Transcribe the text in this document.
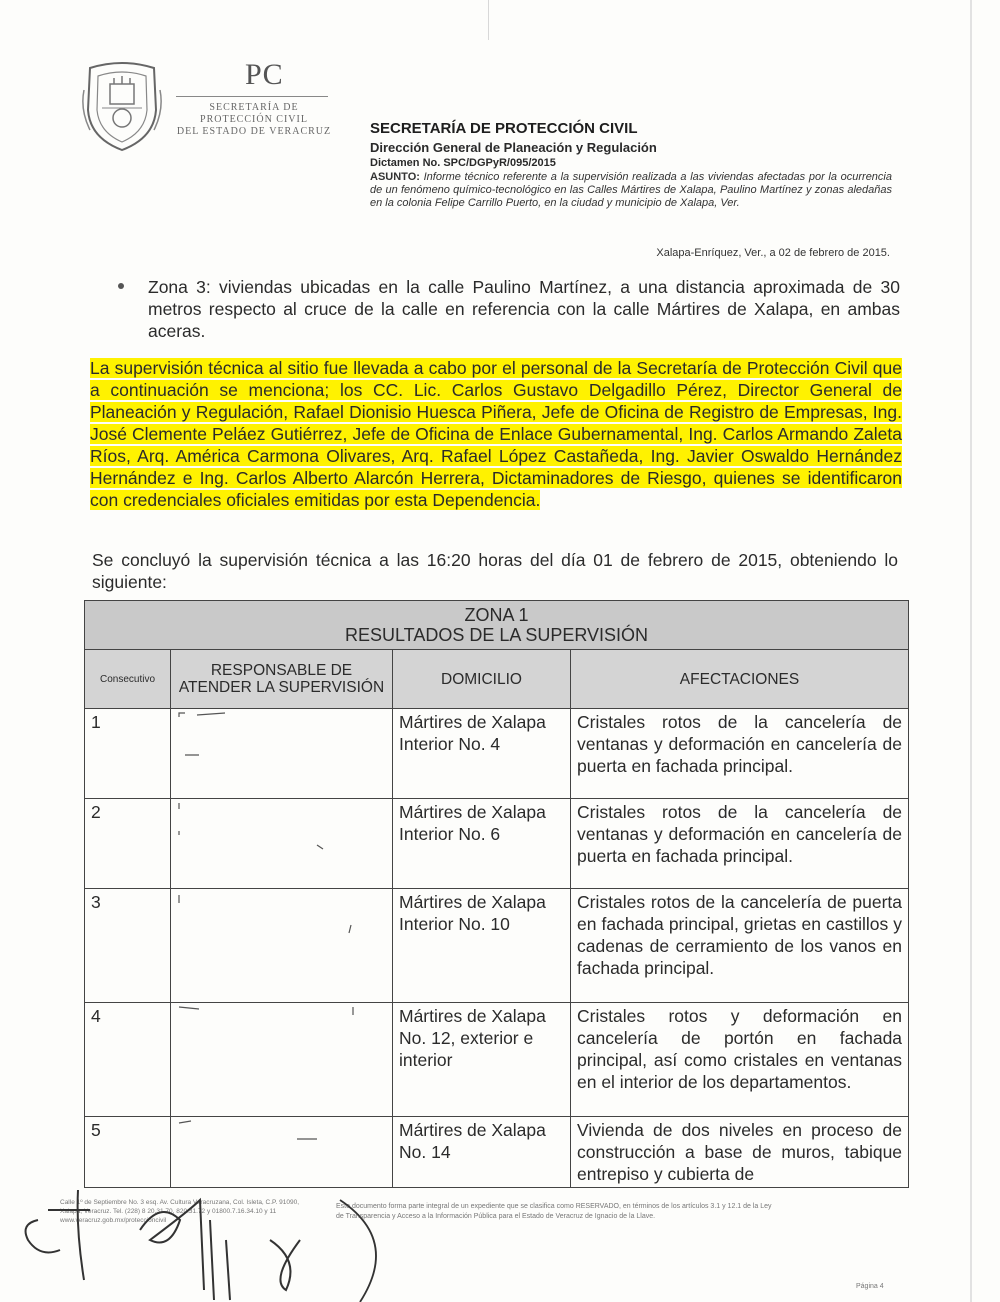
PC
SECRETARÍA DE
PROTECCIÓN CIVIL
DEL ESTADO DE VERACRUZ	SECRETARÍA DE PROTECCIÓN CIVIL
Dirección General de Planeación y Regulación
Dictamen No. SPC/DGPyR/095/2015
ASUNTO: Informe técnico referente a la supervisión realizada a las viviendas afectadas por la ocurrencia de un fenómeno químico-tecnológico en las Calles Mártires de Xalapa, Paulino Martínez y zonas aledañas en la colonia Felipe Carrillo Puerto, en la ciudad y municipio de Xalapa, Ver.
Xalapa-Enríquez, Ver., a 02 de febrero de 2015.
Zona 3: viviendas ubicadas en la calle Paulino Martínez, a una distancia aproximada de 30 metros respecto al cruce de la calle en referencia con la calle Mártires de Xalapa, en ambas aceras.
La supervisión técnica al sitio fue llevada a cabo por el personal de la Secretaría de Protección Civil que a continuación se menciona; los CC. Lic. Carlos Gustavo Delgadillo Pérez, Director General de Planeación y Regulación, Rafael Dionisio Huesca Piñera, Jefe de Oficina de Registro de Empresas, Ing. José Clemente Peláez Gutiérrez, Jefe de Oficina de Enlace Gubernamental, Ing. Carlos Armando Zaleta Ríos, Arq. América Carmona Olivares, Arq. Rafael López Castañeda, Ing. Javier Oswaldo Hernández Hernández e Ing. Carlos Alberto Alarcón Herrera, Dictaminadores de Riesgo, quienes se identificaron con credenciales oficiales emitidas por esta Dependencia.
Se concluyó la supervisión técnica a las 16:20 horas del día 01 de febrero de 2015, obteniendo lo siguiente:
ZONA 1
RESULTADOS DE LA SUPERVISIÓN			

Consecutivo	RESPONSABLE DE ATENDER LA SUPERVISIÓN	DOMICILIO	AFECTACIONES
1		Mártires de Xalapa Interior No. 4	Cristales rotos de la cancelería de ventanas y deformación en cancelería de puerta en fachada principal.
2		Mártires de Xalapa Interior No. 6	Cristales rotos de la cancelería de ventanas y deformación en cancelería de puerta en fachada principal.
3		Mártires de Xalapa Interior No. 10	Cristales rotos de la cancelería de puerta en fachada principal, grietas en castillos y cadenas de cerramiento de los vanos en fachada principal.
4		Mártires de Xalapa No. 12, exterior e interior	Cristales rotos y deformación en cancelería de portón en fachada principal, así como cristales en ventanas en el interior de los departamentos.
5		Mártires de Xalapa No. 14	Vivienda de dos niveles en proceso de construcción a base de muros, tabique entrepiso y cubierta de
Calle 1º de Septiembre No. 3 esq. Av. Cultura Veracruzana, Col. Isleta, C.P. 91090, Xalapa, Veracruz. Tel. (228) 8 20.31.70, 820.31.72 y 01800.7.16.34.10 y 11 www.veracruz.gob.mx/proteccioncivil
Este documento forma parte integral de un expediente que se clasifica como RESERVADO, en términos de los artículos 3.1 y 12.1 de la Ley de Transparencia y Acceso a la Información Pública para el Estado de Veracruz de Ignacio de la Llave.
Página 4
